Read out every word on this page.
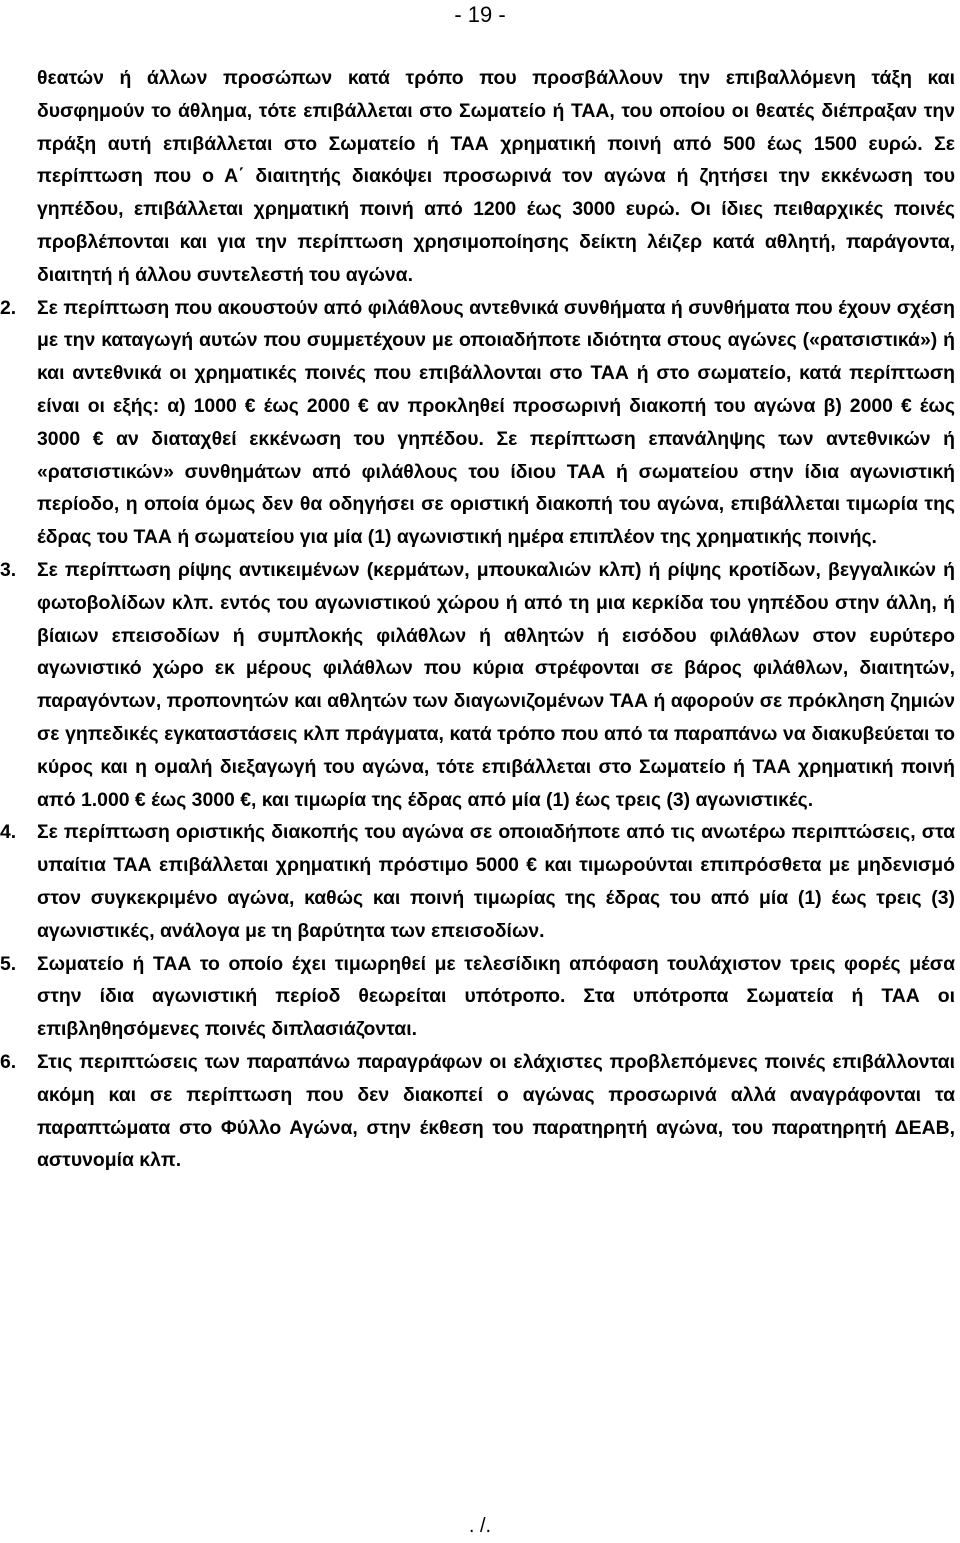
- 19 -

θεατών ή άλλων προσώπων κατά τρόπο που προσβάλλουν την επιβαλλόμενη τάξη και δυσφημούν το άθλημα, τότε επιβάλλεται στο Σωματείο ή ΤΑΑ, του οποίου οι θεατές διέπραξαν την πράξη αυτή επιβάλλεται στο Σωματείο ή ΤΑΑ χρηματική ποινή από 500 έως 1500 ευρώ. Σε περίπτωση που ο Α΄ διαιτητής διακόψει προσωρινά τον αγώνα ή ζητήσει την εκκένωση του γηπέδου, επιβάλλεται χρηματική ποινή από 1200 έως 3000 ευρώ. Οι ίδιες πειθαρχικές ποινές προβλέπονται και για την περίπτωση χρησιμοποίησης δείκτη λέιζερ κατά αθλητή, παράγοντα, διαιτητή ή άλλου συντελεστή του αγώνα.

2.	Σε περίπτωση που ακουστούν από φιλάθλους αντεθνικά συνθήματα ή συνθήματα που έχουν σχέση με την καταγωγή αυτών που συμμετέχουν με οποιαδήποτε ιδιότητα στους αγώνες («ρατσιστικά») ή και αντεθνικά οι χρηματικές ποινές που επιβάλλονται στο ΤΑΑ ή στο σωματείο, κατά περίπτωση είναι οι εξής: α) 1000 € έως 2000 € αν προκληθεί προσωρινή διακοπή του αγώνα β) 2000 € έως 3000 € αν διαταχθεί εκκένωση του γηπέδου. Σε περίπτωση επανάληψης των αντεθνικών ή «ρατσιστικών» συνθημάτων από φιλάθλους του ίδιου ΤΑΑ ή σωματείου στην ίδια αγωνιστική περίοδο, η οποία όμως δεν θα οδηγήσει σε οριστική διακοπή του αγώνα, επιβάλλεται τιμωρία της έδρας του ΤΑΑ ή σωματείου για μία (1) αγωνιστική ημέρα επιπλέον της χρηματικής ποινής.

3.	Σε περίπτωση ρίψης αντικειμένων (κερμάτων, μπουκαλιών κλπ) ή ρίψης κροτίδων, βεγγαλικών ή φωτοβολίδων κλπ. εντός του αγωνιστικού χώρου ή από τη μια κερκίδα του γηπέδου στην άλλη, ή βίαιων επεισοδίων ή συμπλοκής φιλάθλων ή αθλητών ή εισόδου φιλάθλων στον ευρύτερο αγωνιστικό χώρο εκ μέρους φιλάθλων που κύρια στρέφονται σε βάρος φιλάθλων, διαιτητών, παραγόντων, προπονητών και αθλητών των διαγωνιζομένων ΤΑΑ ή αφορούν σε πρόκληση ζημιών σε γηπεδικές εγκαταστάσεις κλπ πράγματα, κατά τρόπο που από τα παραπάνω να διακυβεύεται το κύρος και η ομαλή διεξαγωγή του αγώνα, τότε επιβάλλεται στο Σωματείο ή ΤΑΑ χρηματική ποινή από 1.000 € έως 3000 €, και τιμωρία της έδρας από μία (1) έως τρεις (3) αγωνιστικές.

4.	Σε περίπτωση οριστικής διακοπής του αγώνα σε οποιαδήποτε από τις ανωτέρω περιπτώσεις, στα υπαίτια ΤΑΑ επιβάλλεται χρηματική πρόστιμο 5000 € και τιμωρούνται επιπρόσθετα με μηδενισμό στον συγκεκριμένο αγώνα, καθώς και ποινή τιμωρίας της έδρας του από μία (1) έως τρεις (3) αγωνιστικές, ανάλογα με τη βαρύτητα των επεισοδίων.

5.	Σωματείο ή ΤΑΑ το οποίο έχει τιμωρηθεί με τελεσίδικη απόφαση τουλάχιστον τρεις φορές μέσα στην ίδια αγωνιστική περίοδ θεωρείται υπότροπο. Στα υπότροπα Σωματεία ή ΤΑΑ οι επιβληθησόμενες ποινές διπλασιάζονται.

6.	Στις περιπτώσεις των παραπάνω παραγράφων οι ελάχιστες προβλεπόμενες ποινές επιβάλλονται ακόμη και σε περίπτωση που δεν διακοπεί ο αγώνας προσωρινά αλλά αναγράφονται τα παραπτώματα στο Φύλλο Αγώνα, στην έκθεση του παρατηρητή αγώνα, του παρατηρητή ΔΕΑΒ, αστυνομία κλπ.

. /.
